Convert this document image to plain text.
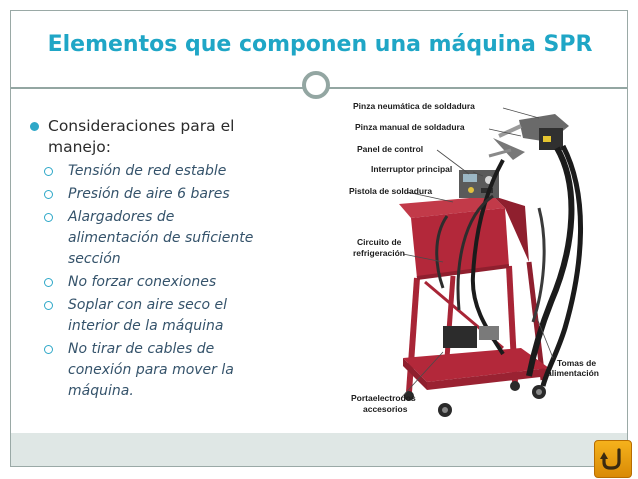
Elementos que componen una máquina SPR
Consideraciones para el
manejo:
Tensión de red estable
Presión de aire 6 bares
Alargadores de
alimentación de suficiente
sección
No forzar conexiones
Soplar con aire seco el
interior de la máquina
No tirar de cables de
conexión para mover la
máquina.
Pinza neumática de soldadura
Pinza manual de soldadura
Panel de control
Interruptor principal
Pistola de soldadura
Circuito de
refrigeración
Tomas de
alimentación
Portaelectrodos
accesorios
